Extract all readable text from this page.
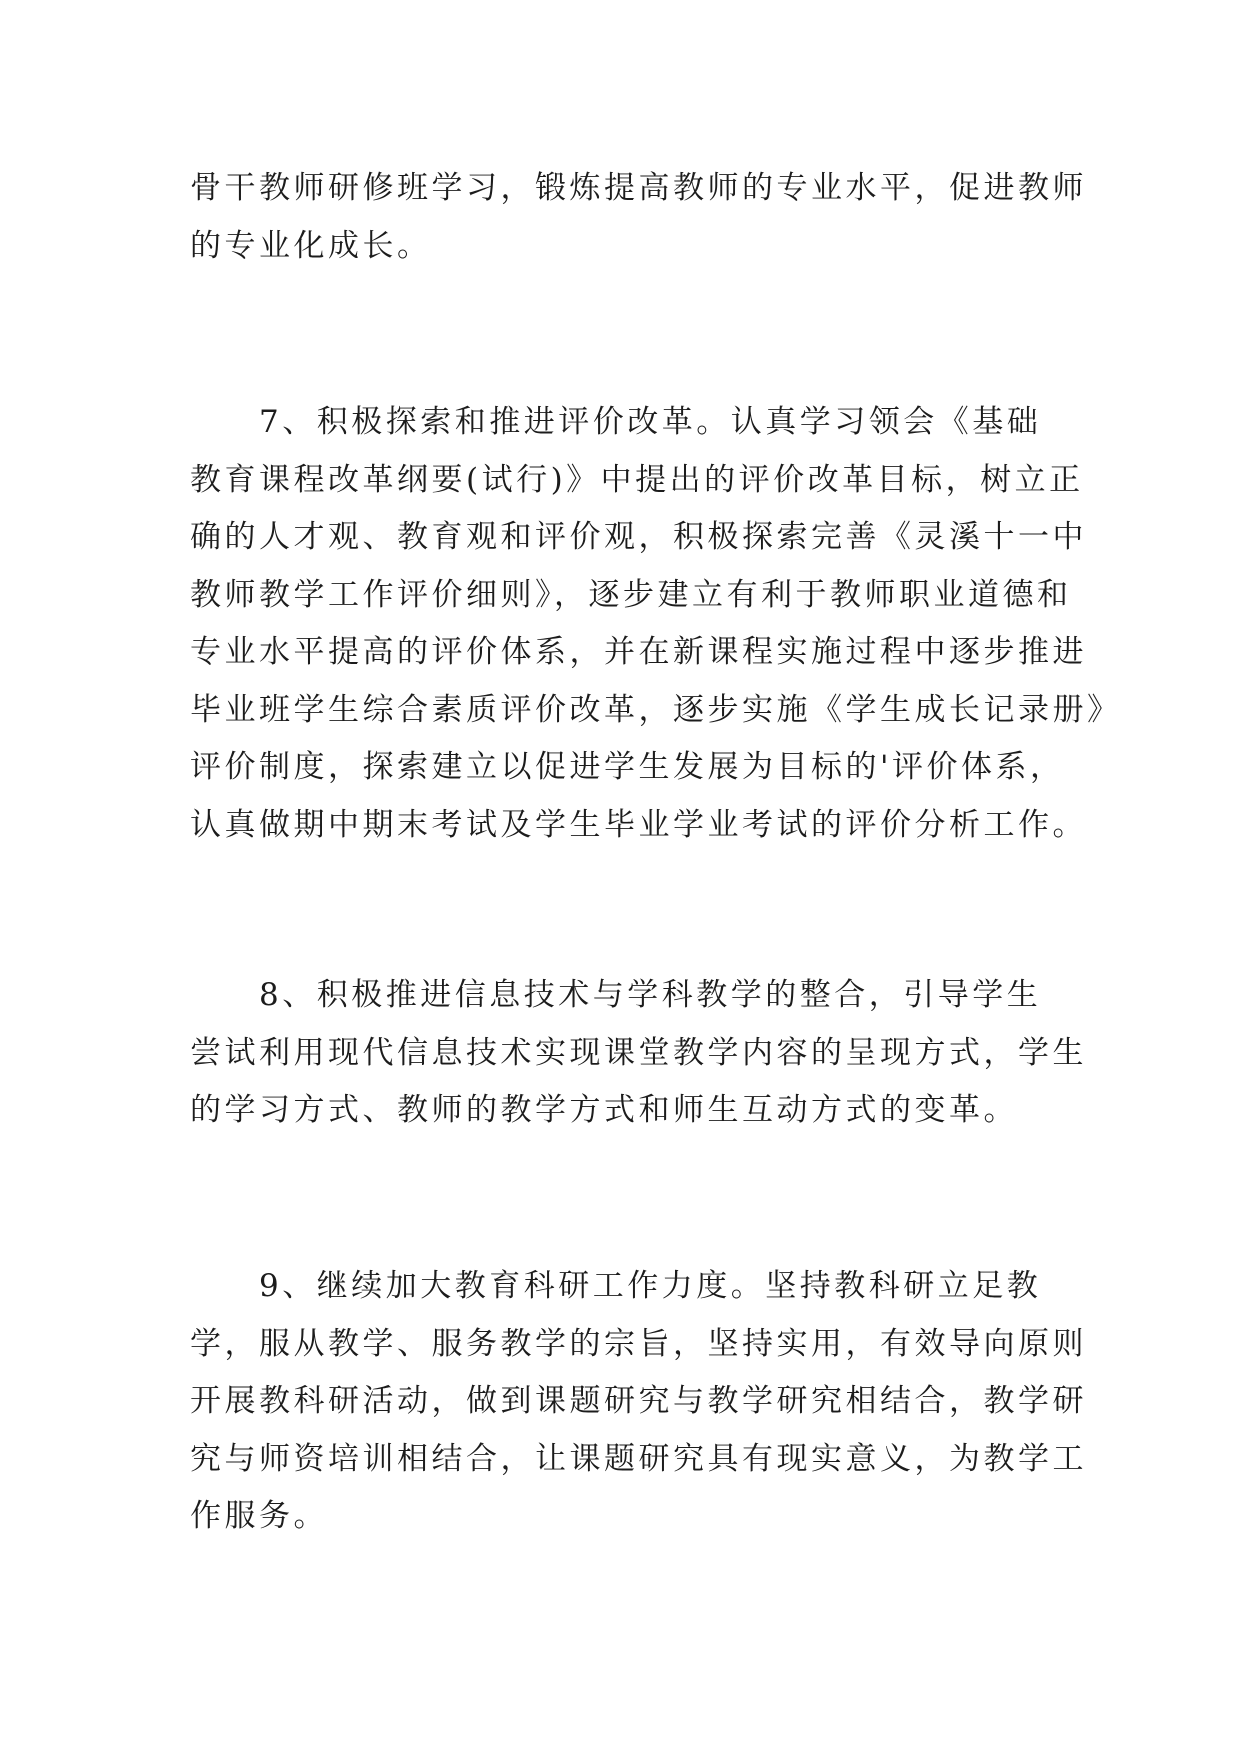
骨干教师研修班学习，锻炼提高教师的专业水平，促进教师
的专业化成长。
　　7、积极探索和推进评价改革。认真学习领会《基础
教育课程改革纲要(试行)》中提出的评价改革目标，树立正
确的人才观、教育观和评价观，积极探索完善《灵溪十一中
教师教学工作评价细则》，逐步建立有利于教师职业道德和
专业水平提高的评价体系，并在新课程实施过程中逐步推进
毕业班学生综合素质评价改革，逐步实施《学生成长记录册》
评价制度，探索建立以促进学生发展为目标的'评价体系，
认真做期中期末考试及学生毕业学业考试的评价分析工作。
　　8、积极推进信息技术与学科教学的整合，引导学生
尝试利用现代信息技术实现课堂教学内容的呈现方式，学生
的学习方式、教师的教学方式和师生互动方式的变革。
　　9、继续加大教育科研工作力度。坚持教科研立足教
学，服从教学、服务教学的宗旨，坚持实用，有效导向原则
开展教科研活动，做到课题研究与教学研究相结合，教学研
究与师资培训相结合，让课题研究具有现实意义，为教学工
作服务。
